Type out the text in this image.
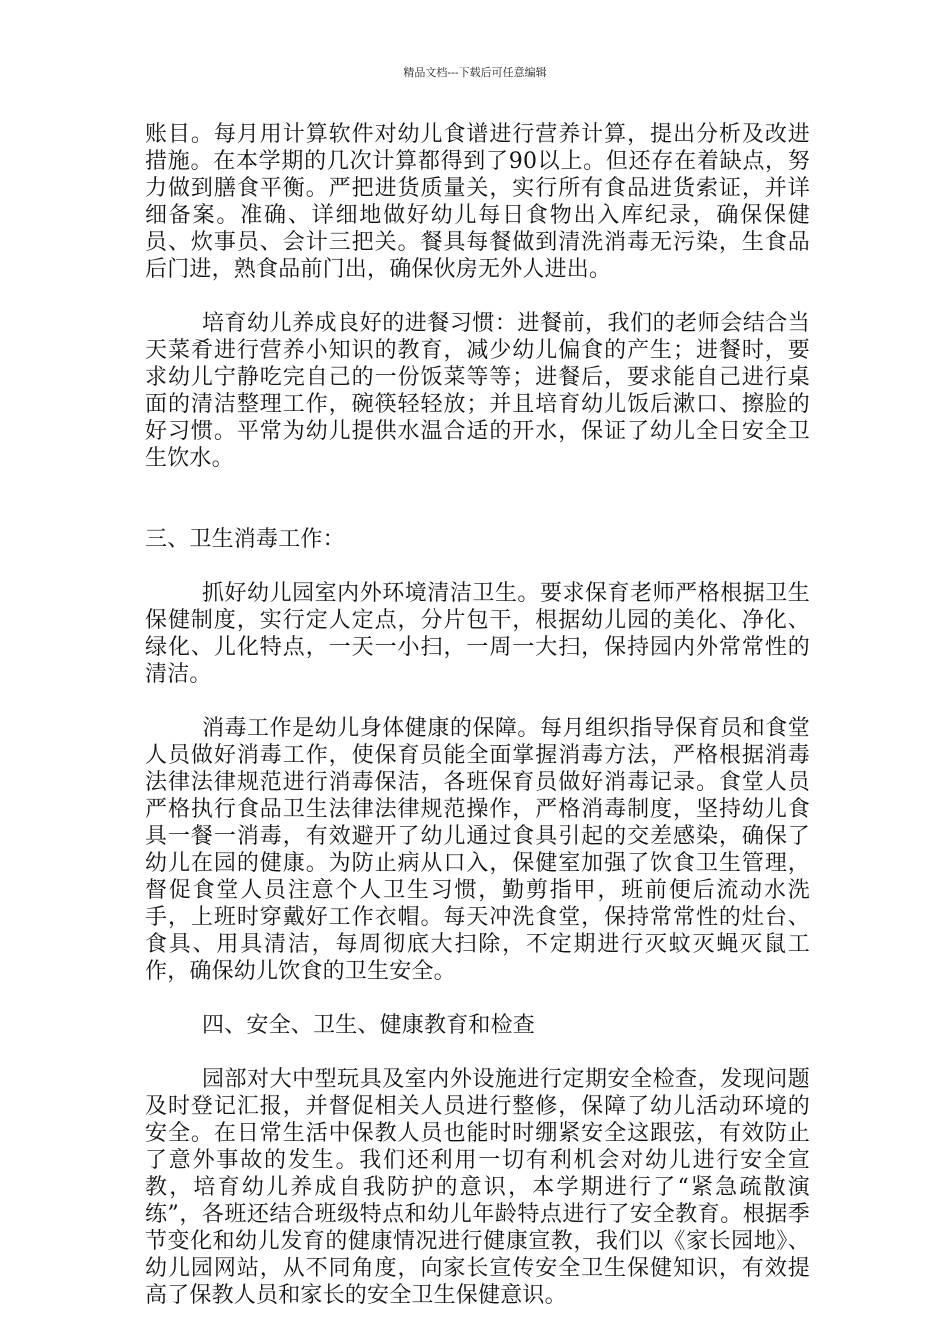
精品文档---下载后可任意编辑

账目。每月用计算软件对幼儿食谱进行营养计算，提出分析及改进措施。在本学期的几次计算都得到了90以上。但还存在着缺点，努力做到膳食平衡。严把进货质量关，实行所有食品进货索证，并详细备案。准确、详细地做好幼儿每日食物出入库纪录，确保保健员、炊事员、会计三把关。餐具每餐做到清洗消毒无污染，生食品后门进，熟食品前门出，确保伙房无外人进出。

培育幼儿养成良好的进餐习惯：进餐前，我们的老师会结合当天菜肴进行营养小知识的教育，减少幼儿偏食的产生；进餐时，要求幼儿宁静吃完自己的一份饭菜等等；进餐后，要求能自己进行桌面的清洁整理工作，碗筷轻轻放；并且培育幼儿饭后漱口、擦脸的好习惯。平常为幼儿提供水温合适的开水，保证了幼儿全日安全卫生饮水。

三、卫生消毒工作：

抓好幼儿园室内外环境清洁卫生。要求保育老师严格根据卫生保健制度，实行定人定点，分片包干，根据幼儿园的美化、净化、绿化、儿化特点，一天一小扫，一周一大扫，保持园内外常常性的清洁。

消毒工作是幼儿身体健康的保障。每月组织指导保育员和食堂人员做好消毒工作，使保育员能全面掌握消毒方法，严格根据消毒法律法律规范进行消毒保洁，各班保育员做好消毒记录。食堂人员严格执行食品卫生法律法律规范操作，严格消毒制度，坚持幼儿食具一餐一消毒，有效避开了幼儿通过食具引起的交差感染，确保了幼儿在园的健康。为防止病从口入，保健室加强了饮食卫生管理，督促食堂人员注意个人卫生习惯，勤剪指甲，班前便后流动水洗手，上班时穿戴好工作衣帽。每天冲洗食堂，保持常常性的灶台、食具、用具清洁，每周彻底大扫除，不定期进行灭蚊灭蝇灭鼠工作，确保幼儿饮食的卫生安全。

四、安全、卫生、健康教育和检查

园部对大中型玩具及室内外设施进行定期安全检查，发现问题及时登记汇报，并督促相关人员进行整修，保障了幼儿活动环境的安全。在日常生活中保教人员也能时时绷紧安全这跟弦，有效防止了意外事故的发生。我们还利用一切有利机会对幼儿进行安全宣教，培育幼儿养成自我防护的意识，本学期进行了“紧急疏散演练”，各班还结合班级特点和幼儿年龄特点进行了安全教育。根据季节变化和幼儿发育的健康情况进行健康宣教，我们以《家长园地》、幼儿园网站，从不同角度，向家长宣传安全卫生保健知识，有效提高了保教人员和家长的安全卫生保健意识。
